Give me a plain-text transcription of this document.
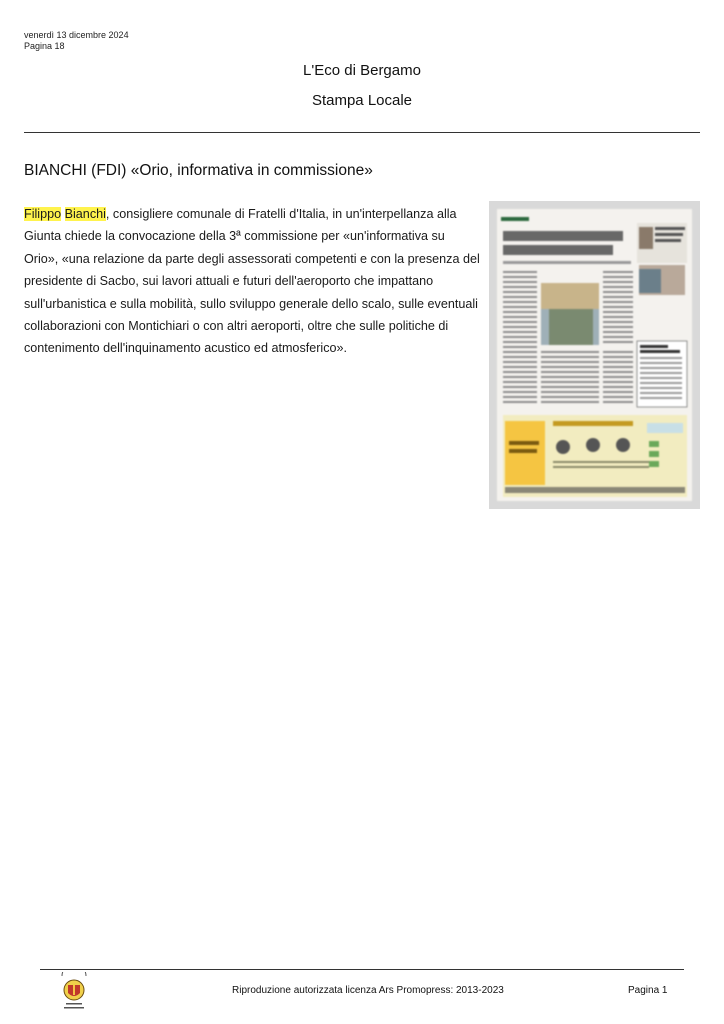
venerdì 13 dicembre 2024
Pagina 18
L'Eco di Bergamo
Stampa Locale
BIANCHI (FDI) «Orio, informativa in commissione»
Filippo Bianchi, consigliere comunale di Fratelli d'Italia, in un'interpellanza alla Giunta chiede la convocazione della 3ª commissione per «un'informativa su Orio», «una relazione da parte degli assessorati competenti e con la presenza del presidente di Sacbo, sui lavori attuali e futuri dell'aeroporto che impattano sull'urbanistica e sulla mobilità, sullo sviluppo generale dello scalo, sulle eventuali collaborazioni con Montichiari o con altri aeroporti, oltre che sulle politiche di contenimento dell'inquinamento acustico ed atmosferico».
Riproduzione autorizzata licenza Ars Promopress: 2013-2023	Pagina 1
